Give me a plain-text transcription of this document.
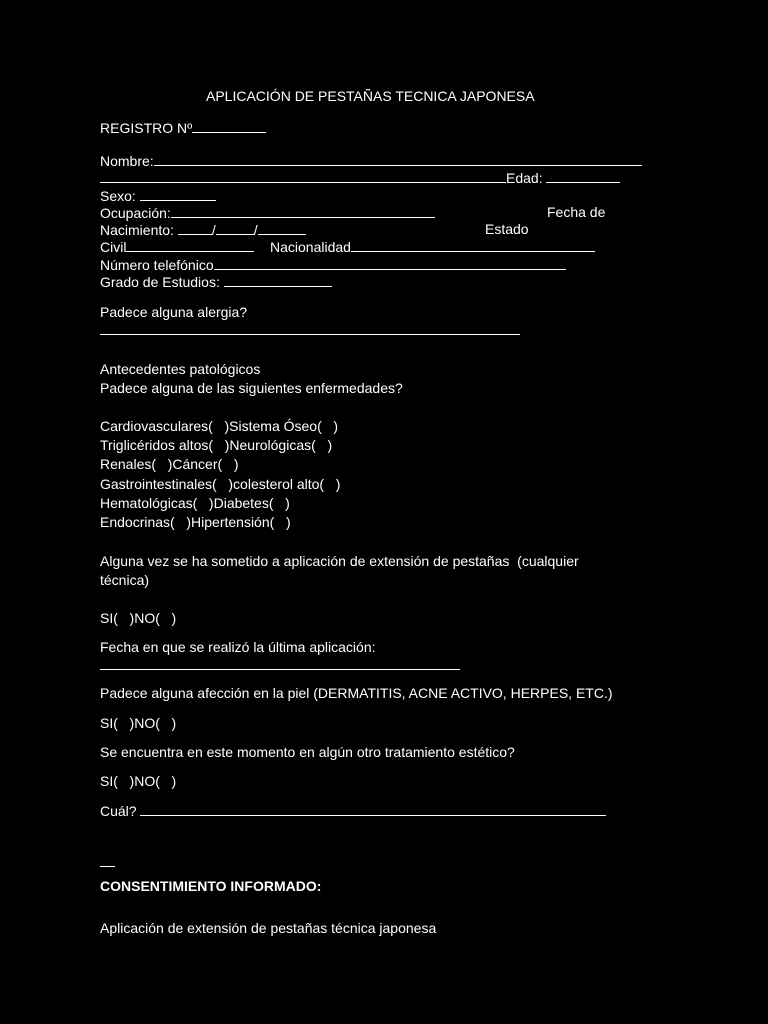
APLICACIÓN DE PESTAÑAS TECNICA JAPONESA
REGISTRO Nº
Nombre:
Edad:
Sexo:
Ocupación:	Fecha de
Nacimiento:	/	/	Estado
Civil	Nacionalidad
Número telefónico
Grado de Estudios:
Padece alguna alergia?
Antecedentes patológicos
Padece alguna de las siguientes enfermedades?
Cardiovasculares(   )Sistema Óseo(   )
Triglicéridos altos(   )Neurológicas(   )
Renales(   )Cáncer(   )
Gastrointestinales(   )colesterol alto(   )
Hematológicas(   )Diabetes(   )
Endocrinas(   )Hipertensión(   )
Alguna vez se ha sometido a aplicación de extensión de pestañas  (cualquier
técnica)
SI(   )NO(   )
Fecha en que se realizó la última aplicación:
Padece alguna afección en la piel (DERMATITIS, ACNE ACTIVO, HERPES, ETC.)
SI(   )NO(   )
Se encuentra en este momento en algún otro tratamiento estético?
SI(   )NO(   )
Cuál?
CONSENTIMIENTO INFORMADO:
Aplicación de extensión de pestañas técnica japonesa
